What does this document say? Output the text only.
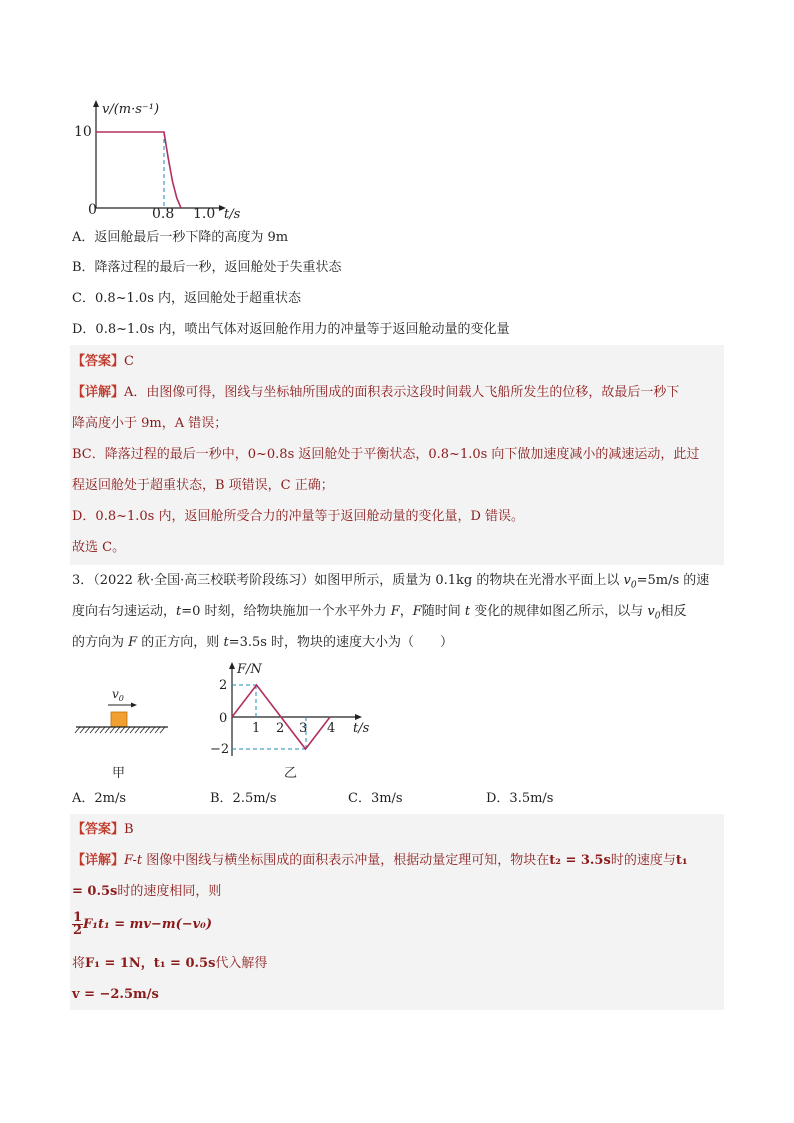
v/(m·s⁻¹)
10
0	0.8 1.0 t/s
A．返回舱最后一秒下降的高度为 9m
B．降落过程的最后一秒，返回舱处于失重状态
C．0.8~1.0s 内，返回舱处于超重状态
D．0.8~1.0s 内，喷出气体对返回舱作用力的冲量等于返回舱动量的变化量
【答案】C
【详解】A．由图像可得，图线与坐标轴所围成的面积表示这段时间载人飞船所发生的位移，故最后一秒下
降高度小于 9m，A 错误；
BC．降落过程的最后一秒中，0~0.8s 返回舱处于平衡状态，0.8~1.0s 向下做加速度减小的减速运动，此过
程返回舱处于超重状态，B 项错误，C 正确；
D．0.8~1.0s 内，返回舱所受合力的冲量等于返回舱动量的变化量，D 错误。
故选 C。
3．（2022 秋·全国·高三校联考阶段练习）如图甲所示，质量为 0.1kg 的物块在光滑水平面上以 $v_0=5m/s$ 的速
度向右匀速运动，t=0 时刻，给物块施加一个水平外力 F，F随时间 t 变化的规律如图乙所示，以与 $v_0$相反
的方向为 F 的正方向，则 t=3.5s 时，物块的速度大小为（　　）
$v_0$
甲
F/N
2
0
−2
1 2 3 4 t/s
乙
A．2m/s	B．2.5m/s	C．3m/s	D．3.5m/s
【答案】B
【详解】F-t 图像中图线与横坐标围成的面积表示冲量，根据动量定理可知，物块在t₂ = 3.5s时的速度与t₁
= 0.5s时的速度相同，则
$\frac{1}{2} F_1t_1 = mv-m(-v_0)$
将F₁ = 1N，t₁ = 0.5s代入解得
v = −2.5m/s
